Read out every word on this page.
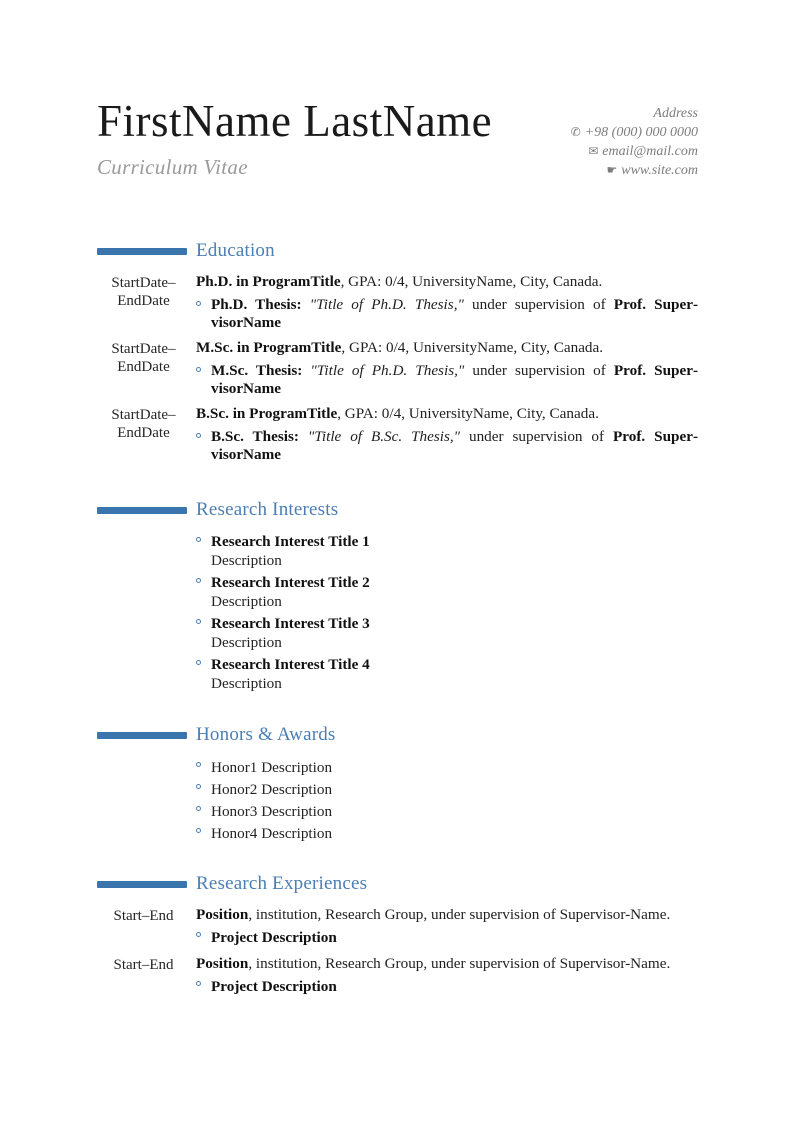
FirstName LastName
Curriculum Vitae
Address
✆ +98 (000) 000 0000
✉ email@mail.com
☛ www.site.com
Education
StartDate–
EndDate

Ph.D. in ProgramTitle, GPA: 0/4, UniversityName, City, Canada.

Ph.D. Thesis: "Title of Ph.D. Thesis," under supervision of Prof. SupervisorName
StartDate–
EndDate

M.Sc. in ProgramTitle, GPA: 0/4, UniversityName, City, Canada.

M.Sc. Thesis: "Title of Ph.D. Thesis," under supervision of Prof. SupervisorName
StartDate–
EndDate

B.Sc. in ProgramTitle, GPA: 0/4, UniversityName, City, Canada.

B.Sc. Thesis: "Title of B.Sc. Thesis," under supervision of Prof. SupervisorName
Research Interests
Research Interest Title 1
Description
Research Interest Title 2
Description
Research Interest Title 3
Description
Research Interest Title 4
Description
Honors & Awards
Honor1 Description
Honor2 Description
Honor3 Description
Honor4 Description
Research Experiences
Start–End	Position, institution, Research Group, under supervision of Supervisor-Name.

Project Description
Start–End	Position, institution, Research Group, under supervision of Supervisor-Name.

Project Description
